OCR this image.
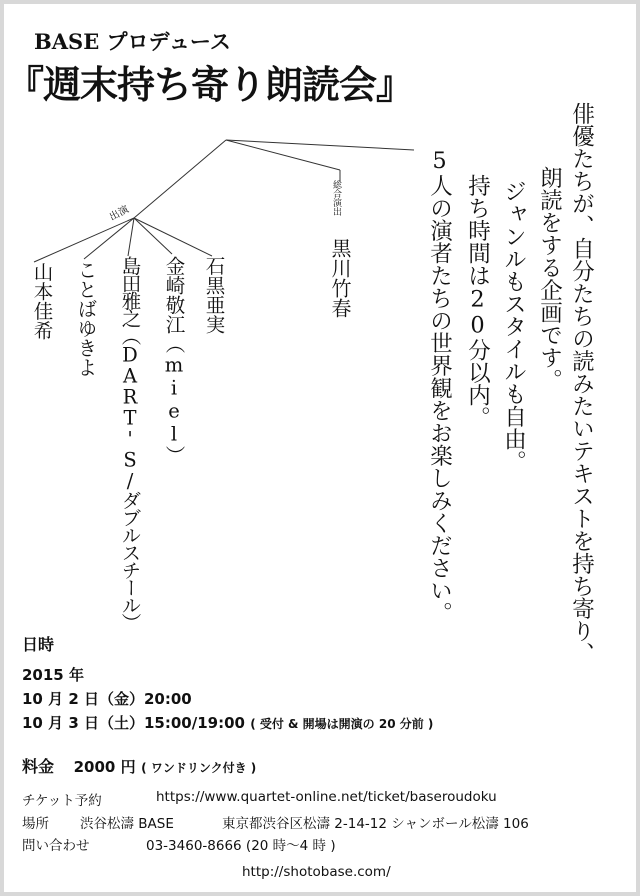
BASE プロデュース
『週末持ち寄り朗読会』
俳優たちが、自分たちの読みたいテキストを持ち寄り、
朗読をする企画です。
ジャンルもスタイルも自由。
持ち時間は20分以内。
5人の演者たちの世界観をお楽しみください。
総合演出
黒川竹春
出演
石黒亜実
金崎敬江（miel）
島田雅之（DART'S/ダブルスチール）
ことばゆきよ
山本佳希
日時
2015 年
10 月 2 日（金）20:00
10 月 3 日（土）15:00/19:00 ( 受付 & 開場は開演の 20 分前 )
料金 2000 円 ( ワンドリンク付き )
チケット予約	https://www.quartet-online.net/ticket/baseroudoku
場所 渋谷松濤 BASE	東京都渋谷区松濤 2-14-12 シャンボール松濤 106
問い合わせ	03-3460-8666 (20 時〜4 時 )
http://shotobase.com/
